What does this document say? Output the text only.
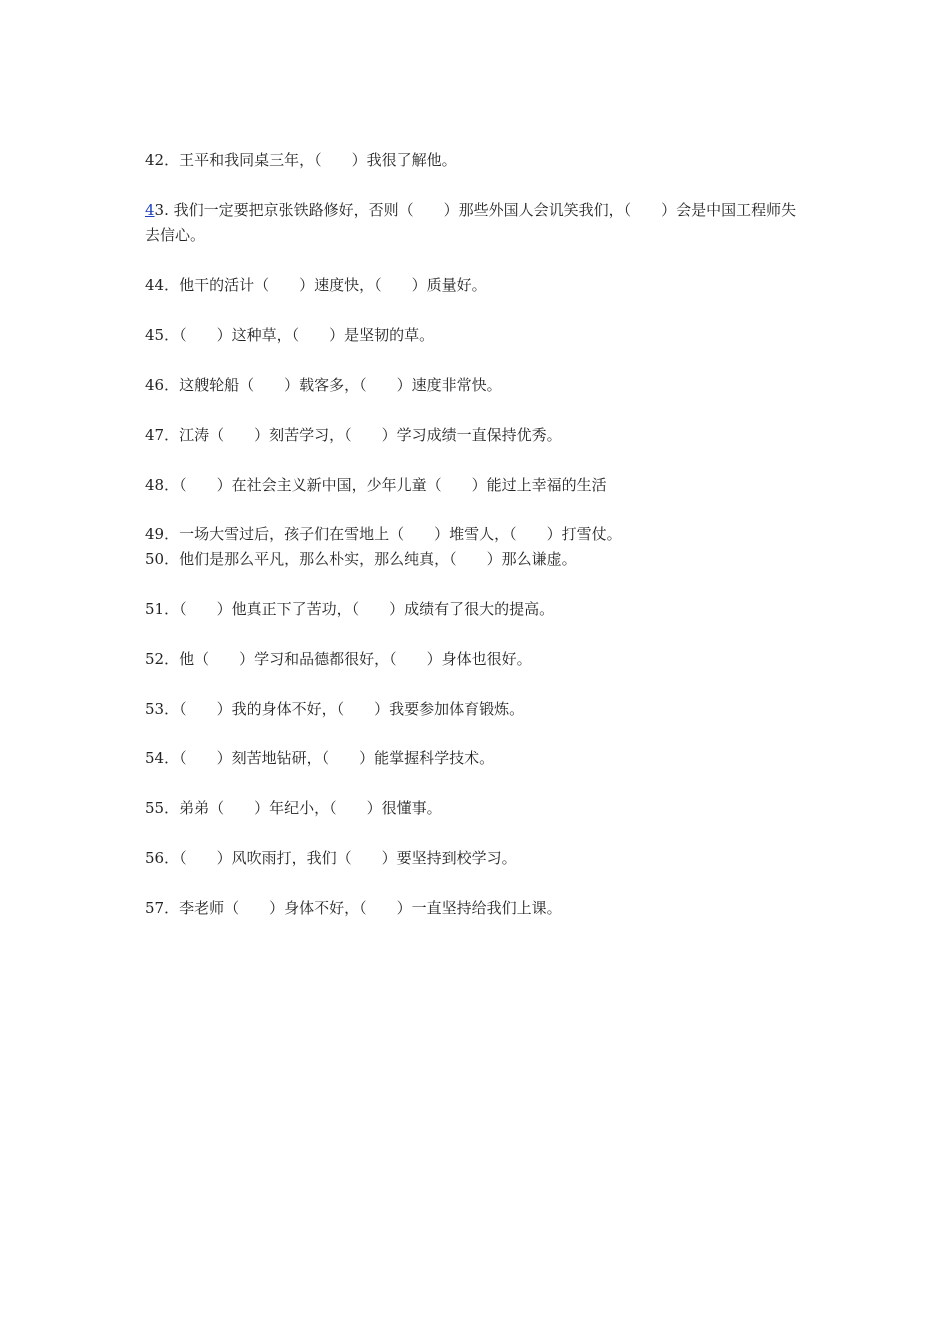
42．王平和我同桌三年，（　　）我很了解他。

43. 我们一定要把京张铁路修好，否则（　　）那些外国人会讥笑我们，（　　）会是中国工程师失去信心。

44．他干的活计（　　）速度快，（　　）质量好。

45．（　　）这种草，（　　）是坚韧的草。

46．这艘轮船（　　）载客多，（　　）速度非常快。

47．江涛（　　）刻苦学习，（　　）学习成绩一直保持优秀。

48．（　　）在社会主义新中国，少年儿童（　　）能过上幸福的生活

49．一场大雪过后，孩子们在雪地上（　　）堆雪人，（　　）打雪仗。

50．他们是那么平凡，那么朴实，那么纯真，（　　）那么谦虚。

51．（　　）他真正下了苦功，（　　）成绩有了很大的提高。

52．他（　　）学习和品德都很好，（　　）身体也很好。

53．（　　）我的身体不好，（　　）我要参加体育锻炼。

54．（　　）刻苦地钻研，（　　）能掌握科学技术。

55．弟弟（　　）年纪小，（　　）很懂事。

56．（　　）风吹雨打，我们（　　）要坚持到校学习。

57．李老师（　　）身体不好，（　　）一直坚持给我们上课。
